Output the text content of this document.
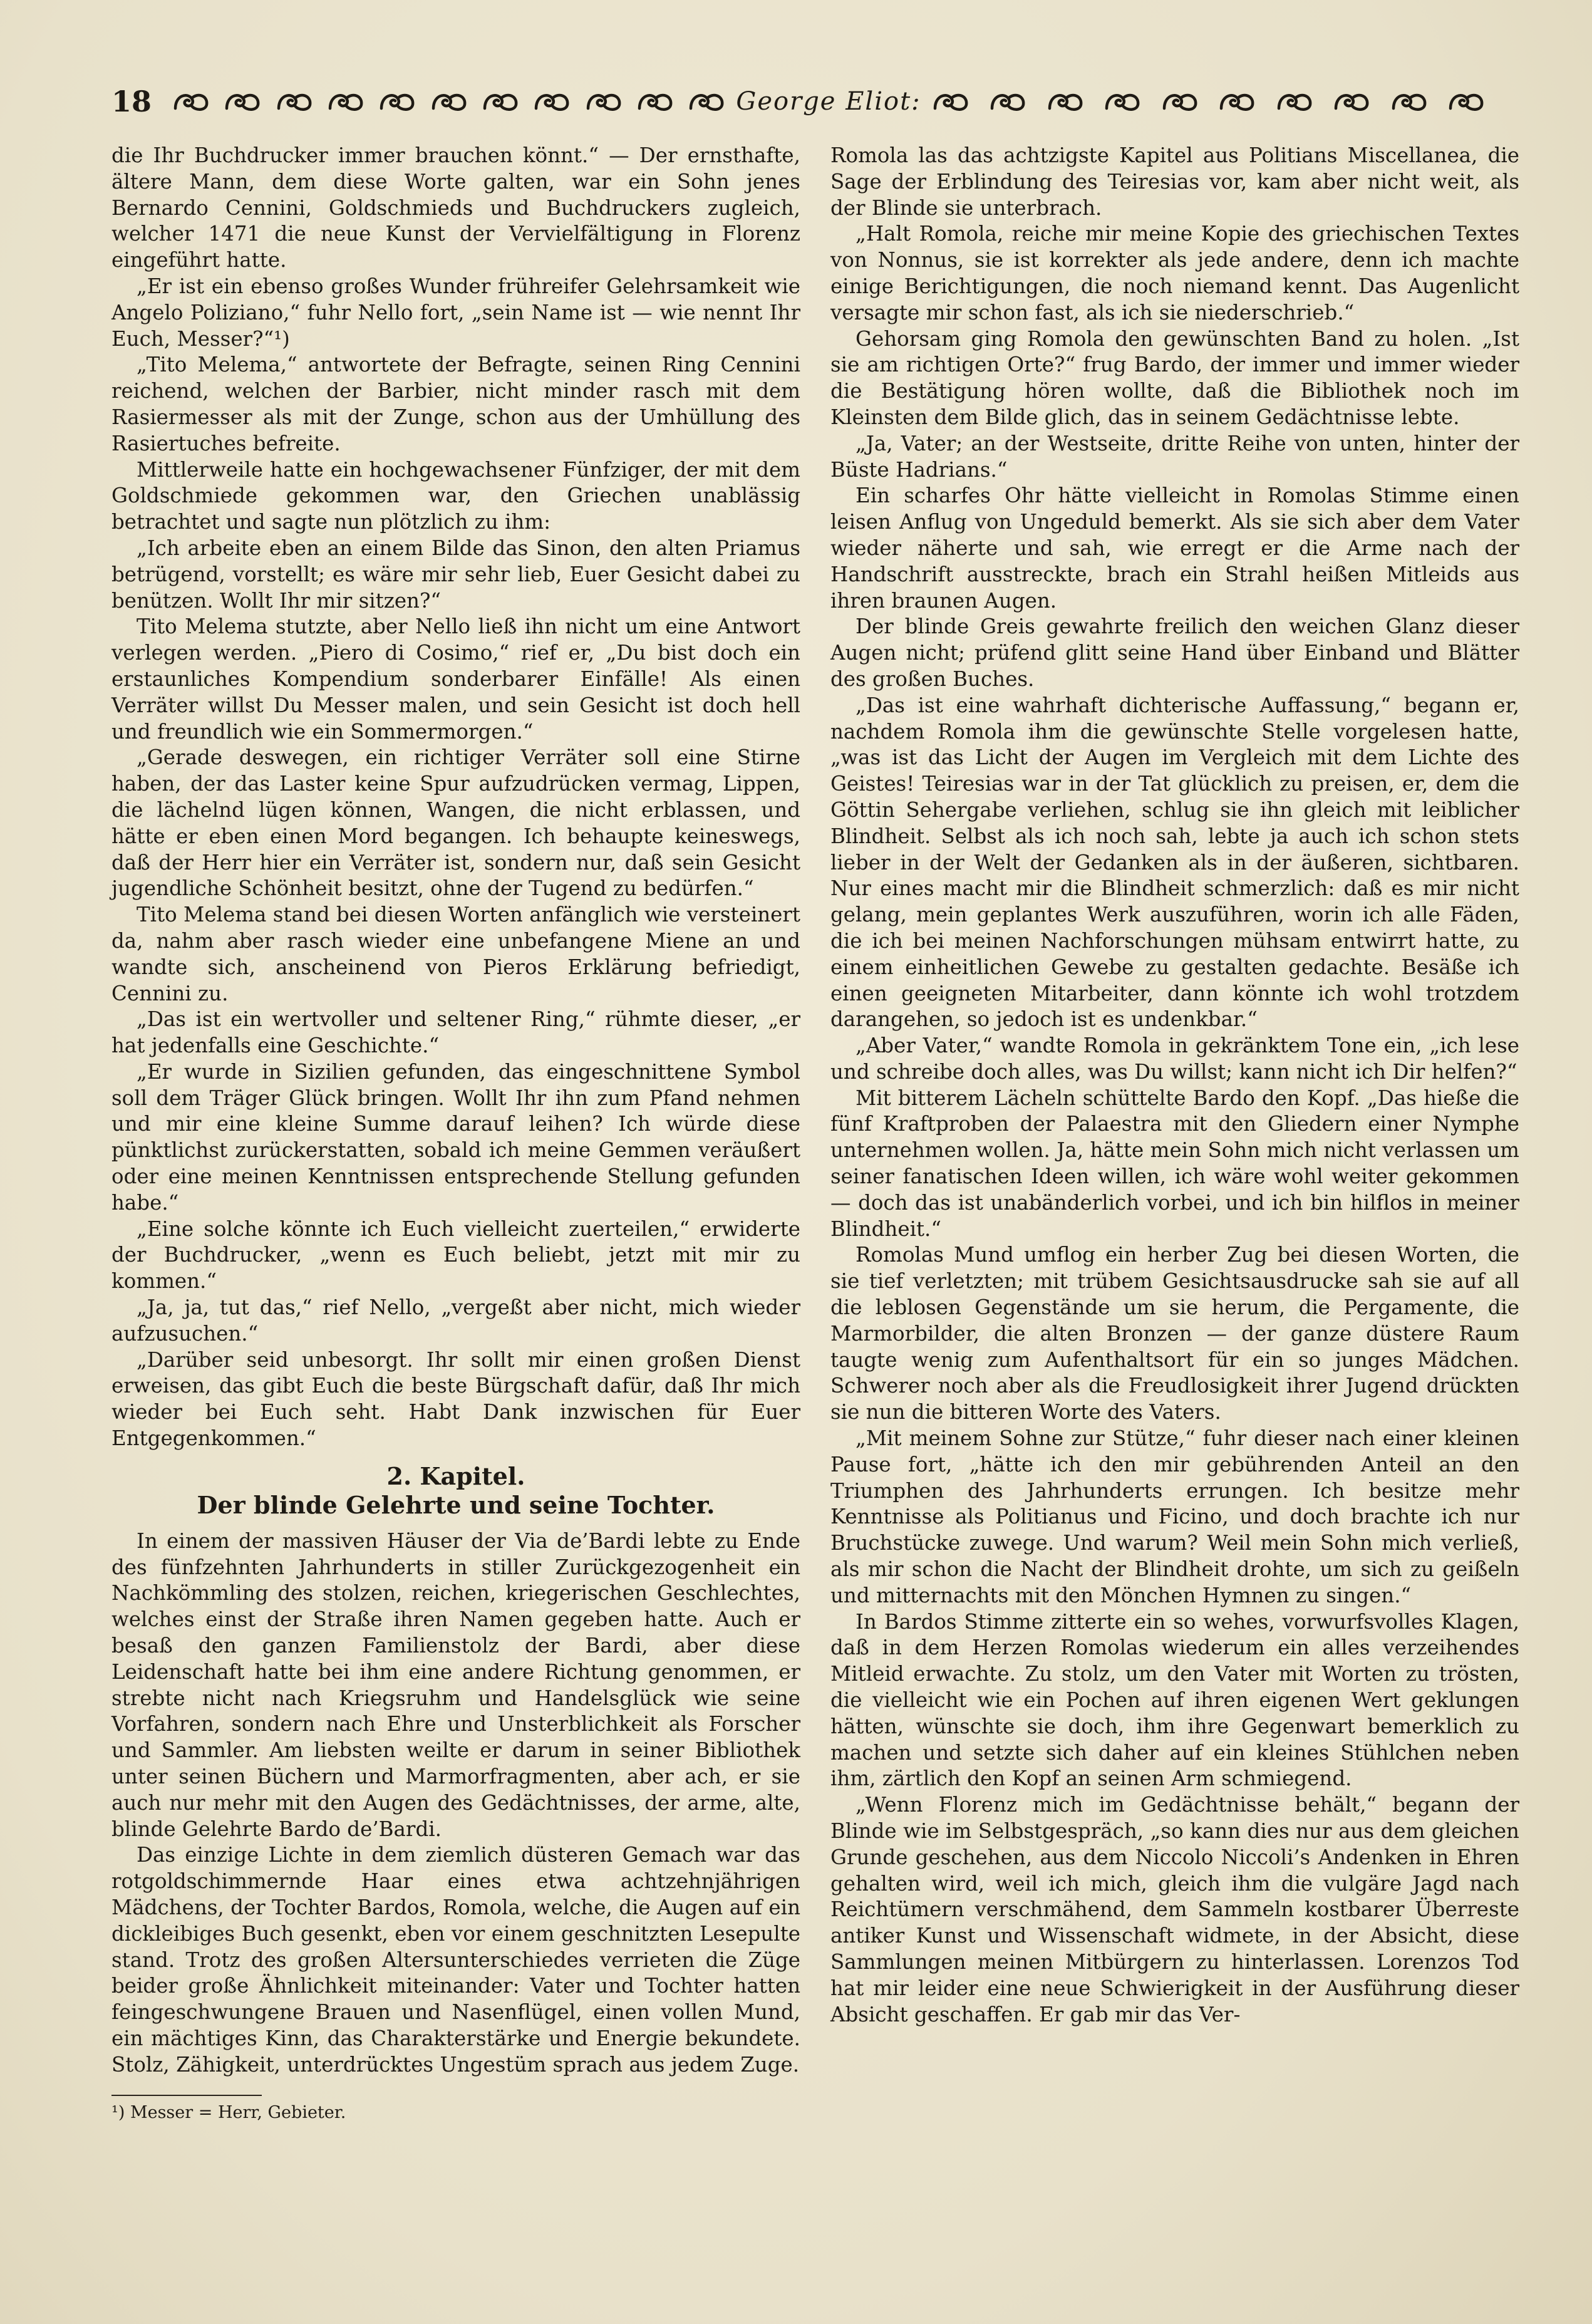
18	George Eliot:

die Ihr Buchdrucker immer brauchen könnt.“ — Der ernsthafte, ältere Mann, dem diese Worte galten, war ein Sohn jenes Bernardo Cennini, Goldschmieds und Buchdruckers zugleich, welcher 1471 die neue Kunst der Vervielfältigung in Florenz eingeführt hatte.

„Er ist ein ebenso großes Wunder frühreifer Gelehrsamkeit wie Angelo Poliziano,“ fuhr Nello fort, „sein Name ist — wie nennt Ihr Euch, Messer?“¹)

„Tito Melema,“ antwortete der Befragte, seinen Ring Cennini reichend, welchen der Barbier, nicht minder rasch mit dem Rasiermesser als mit der Zunge, schon aus der Umhüllung des Rasiertuches befreite.

Mittlerweile hatte ein hochgewachsener Fünfziger, der mit dem Goldschmiede gekommen war, den Griechen unablässig betrachtet und sagte nun plötzlich zu ihm:

„Ich arbeite eben an einem Bilde das Sinon, den alten Priamus betrügend, vorstellt; es wäre mir sehr lieb, Euer Gesicht dabei zu benützen. Wollt Ihr mir sitzen?“

Tito Melema stutzte, aber Nello ließ ihn nicht um eine Antwort verlegen werden. „Piero di Cosimo,“ rief er, „Du bist doch ein erstaunliches Kompendium sonderbarer Einfälle! Als einen Verräter willst Du Messer malen, und sein Gesicht ist doch hell und freundlich wie ein Sommermorgen.“

„Gerade deswegen, ein richtiger Verräter soll eine Stirne haben, der das Laster keine Spur aufzudrücken vermag, Lippen, die lächelnd lügen können, Wangen, die nicht erblassen, und hätte er eben einen Mord begangen. Ich behaupte keineswegs, daß der Herr hier ein Verräter ist, sondern nur, daß sein Gesicht jugendliche Schönheit besitzt, ohne der Tugend zu bedürfen.“

Tito Melema stand bei diesen Worten anfänglich wie versteinert da, nahm aber rasch wieder eine unbefangene Miene an und wandte sich, anscheinend von Pieros Erklärung befriedigt, Cennini zu.

„Das ist ein wertvoller und seltener Ring,“ rühmte dieser, „er hat jedenfalls eine Geschichte.“

„Er wurde in Sizilien gefunden, das eingeschnittene Symbol soll dem Träger Glück bringen. Wollt Ihr ihn zum Pfand nehmen und mir eine kleine Summe darauf leihen? Ich würde diese pünktlichst zurückerstatten, sobald ich meine Gemmen veräußert oder eine meinen Kenntnissen entsprechende Stellung gefunden habe.“

„Eine solche könnte ich Euch vielleicht zuerteilen,“ erwiderte der Buchdrucker, „wenn es Euch beliebt, jetzt mit mir zu kommen.“

„Ja, ja, tut das,“ rief Nello, „vergeßt aber nicht, mich wieder aufzusuchen.“

„Darüber seid unbesorgt. Ihr sollt mir einen großen Dienst erweisen, das gibt Euch die beste Bürgschaft dafür, daß Ihr mich wieder bei Euch seht. Habt Dank inzwischen für Euer Entgegenkommen.“

2. Kapitel.
Der blinde Gelehrte und seine Tochter.

In einem der massiven Häuser der Via de’Bardi lebte zu Ende des fünfzehnten Jahrhunderts in stiller Zurückgezogenheit ein Nachkömmling des stolzen, reichen, kriegerischen Geschlechtes, welches einst der Straße ihren Namen gegeben hatte. Auch er besaß den ganzen Familienstolz der Bardi, aber diese Leidenschaft hatte bei ihm eine andere Richtung genommen, er strebte nicht nach Kriegsruhm und Handelsglück wie seine Vorfahren, sondern nach Ehre und Unsterblichkeit als Forscher und Sammler. Am liebsten weilte er darum in seiner Bibliothek unter seinen Büchern und Marmorfragmenten, aber ach, er sie auch nur mehr mit den Augen des Gedächtnisses, der arme, alte, blinde Gelehrte Bardo de’Bardi.

Das einzige Lichte in dem ziemlich düsteren Gemach war das rotgoldschimmernde Haar eines etwa achtzehnjährigen Mädchens, der Tochter Bardos, Romola, welche, die Augen auf ein dickleibiges Buch gesenkt, eben vor einem geschnitzten Lesepulte stand. Trotz des großen Altersunterschiedes verrieten die Züge beider große Ähnlichkeit miteinander: Vater und Tochter hatten feingeschwungene Brauen und Nasenflügel, einen vollen Mund, ein mächtiges Kinn, das Charakterstärke und Energie bekundete. Stolz, Zähigkeit, unterdrücktes Ungestüm sprach aus jedem Zuge.

¹) Messer = Herr, Gebieter.

Romola las das achtzigste Kapitel aus Politians Miscellanea, die Sage der Erblindung des Teiresias vor, kam aber nicht weit, als der Blinde sie unterbrach.

„Halt Romola, reiche mir meine Kopie des griechischen Textes von Nonnus, sie ist korrekter als jede andere, denn ich machte einige Berichtigungen, die noch niemand kennt. Das Augenlicht versagte mir schon fast, als ich sie niederschrieb.“

Gehorsam ging Romola den gewünschten Band zu holen. „Ist sie am richtigen Orte?“ frug Bardo, der immer und immer wieder die Bestätigung hören wollte, daß die Bibliothek noch im Kleinsten dem Bilde glich, das in seinem Gedächtnisse lebte.

„Ja, Vater; an der Westseite, dritte Reihe von unten, hinter der Büste Hadrians.“

Ein scharfes Ohr hätte vielleicht in Romolas Stimme einen leisen Anflug von Ungeduld bemerkt. Als sie sich aber dem Vater wieder näherte und sah, wie erregt er die Arme nach der Handschrift ausstreckte, brach ein Strahl heißen Mitleids aus ihren braunen Augen.

Der blinde Greis gewahrte freilich den weichen Glanz dieser Augen nicht; prüfend glitt seine Hand über Einband und Blätter des großen Buches.

„Das ist eine wahrhaft dichterische Auffassung,“ begann er, nachdem Romola ihm die gewünschte Stelle vorgelesen hatte, „was ist das Licht der Augen im Vergleich mit dem Lichte des Geistes! Teiresias war in der Tat glücklich zu preisen, er, dem die Göttin Sehergabe verliehen, schlug sie ihn gleich mit leiblicher Blindheit. Selbst als ich noch sah, lebte ja auch ich schon stets lieber in der Welt der Gedanken als in der äußeren, sichtbaren. Nur eines macht mir die Blindheit schmerzlich: daß es mir nicht gelang, mein geplantes Werk auszuführen, worin ich alle Fäden, die ich bei meinen Nachforschungen mühsam entwirrt hatte, zu einem einheitlichen Gewebe zu gestalten gedachte. Besäße ich einen geeigneten Mitarbeiter, dann könnte ich wohl trotzdem darangehen, so jedoch ist es undenkbar.“

„Aber Vater,“ wandte Romola in gekränktem Tone ein, „ich lese und schreibe doch alles, was Du willst; kann nicht ich Dir helfen?“

Mit bitterem Lächeln schüttelte Bardo den Kopf. „Das hieße die fünf Kraftproben der Palaestra mit den Gliedern einer Nymphe unternehmen wollen. Ja, hätte mein Sohn mich nicht verlassen um seiner fanatischen Ideen willen, ich wäre wohl weiter gekommen — doch das ist unabänderlich vorbei, und ich bin hilflos in meiner Blindheit.“

Romolas Mund umflog ein herber Zug bei diesen Worten, die sie tief verletzten; mit trübem Gesichtsausdrucke sah sie auf all die leblosen Gegenstände um sie herum, die Pergamente, die Marmorbilder, die alten Bronzen — der ganze düstere Raum taugte wenig zum Aufenthaltsort für ein so junges Mädchen. Schwerer noch aber als die Freudlosigkeit ihrer Jugend drückten sie nun die bitteren Worte des Vaters.

„Mit meinem Sohne zur Stütze,“ fuhr dieser nach einer kleinen Pause fort, „hätte ich den mir gebührenden Anteil an den Triumphen des Jahrhunderts errungen. Ich besitze mehr Kenntnisse als Politianus und Ficino, und doch brachte ich nur Bruchstücke zuwege. Und warum? Weil mein Sohn mich verließ, als mir schon die Nacht der Blindheit drohte, um sich zu geißeln und mitternachts mit den Mönchen Hymnen zu singen.“

In Bardos Stimme zitterte ein so wehes, vorwurfsvolles Klagen, daß in dem Herzen Romolas wiederum ein alles verzeihendes Mitleid erwachte. Zu stolz, um den Vater mit Worten zu trösten, die vielleicht wie ein Pochen auf ihren eigenen Wert geklungen hätten, wünschte sie doch, ihm ihre Gegenwart bemerklich zu machen und setzte sich daher auf ein kleines Stühlchen neben ihm, zärtlich den Kopf an seinen Arm schmiegend.

„Wenn Florenz mich im Gedächtnisse behält,“ begann der Blinde wie im Selbstgespräch, „so kann dies nur aus dem gleichen Grunde geschehen, aus dem Niccolo Niccoli’s Andenken in Ehren gehalten wird, weil ich mich, gleich ihm die vulgäre Jagd nach Reichtümern verschmähend, dem Sammeln kostbarer Überreste antiker Kunst und Wissenschaft widmete, in der Absicht, diese Sammlungen meinen Mitbürgern zu hinterlassen. Lorenzos Tod hat mir leider eine neue Schwierigkeit in der Ausführung dieser Absicht geschaffen. Er gab mir das Ver-
